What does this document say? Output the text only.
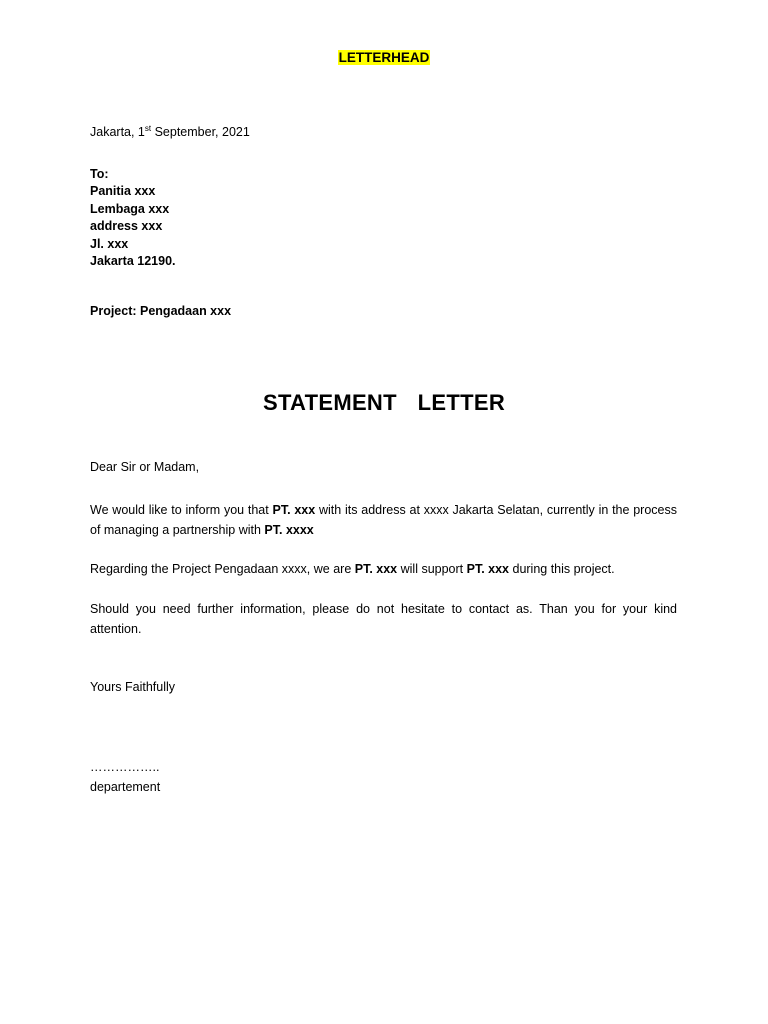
LETTERHEAD
Jakarta, 1st September, 2021
To:
Panitia xxx
Lembaga xxx
address xxx
Jl. xxx
Jakarta 12190.
Project: Pengadaan xxx
STATEMENT  LETTER
Dear Sir or Madam,
We would like to inform you that PT. xxx with its address at xxxx Jakarta Selatan, currently in the process of managing a partnership with PT. xxxx
Regarding the Project Pengadaan xxxx, we are PT. xxx will support PT. xxx during this project.
Should you need further information, please do not hesitate to contact as. Than you for your kind attention.
Yours Faithfully
……………..
departement
